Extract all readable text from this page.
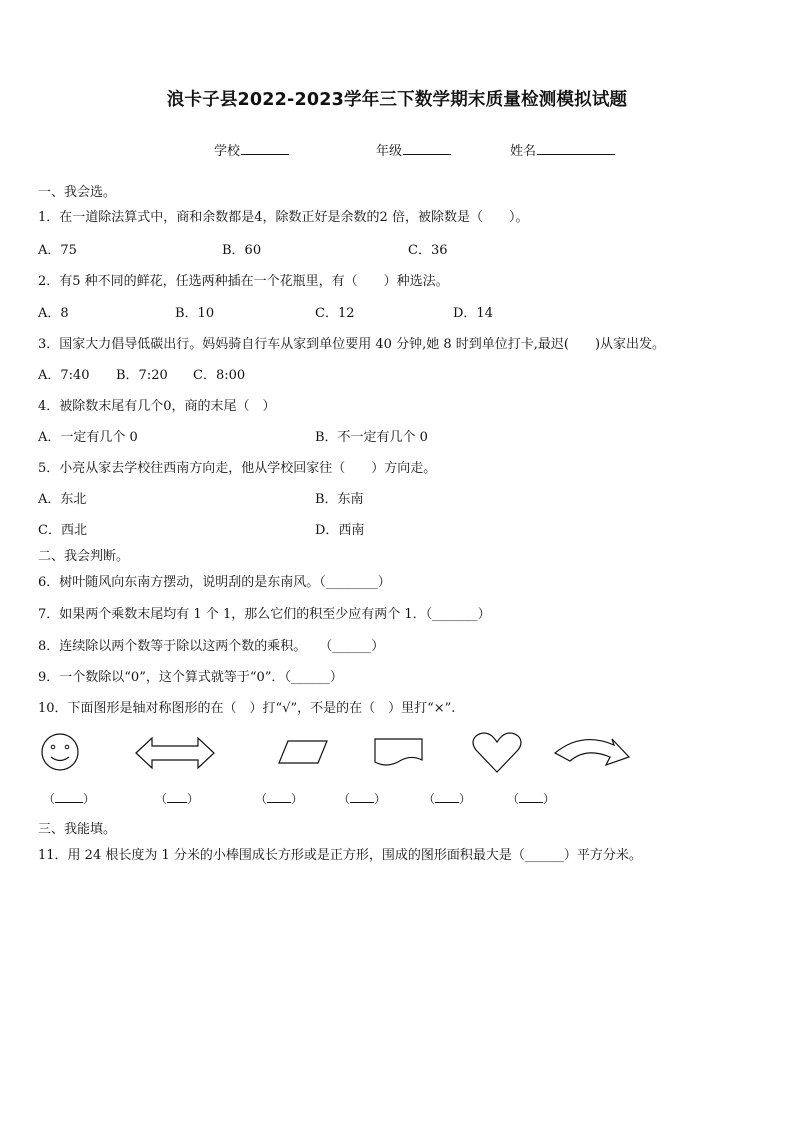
浪卡子县2022-2023学年三下数学期末质量检测模拟试题
学校	年级	姓名
一、我会选。
1．在一道除法算式中，商和余数都是4，除数正好是余数的2 倍，被除数是（　　）。
A．75	B．60	C．36
2．有5 种不同的鲜花，任选两种插在一个花瓶里，有（　　）种选法。
A．8	B．10	C．12	D．14
3．国家大力倡导低碳出行。妈妈骑自行车从家到单位要用 40 分钟,她 8 时到单位打卡,最迟(　　)从家出发。
A．7:40 B．7:20 C．8:00
4．被除数末尾有几个0，商的末尾（　）
A．一定有几个 0	B．不一定有几个 0
5．小亮从家去学校往西南方向走，他从学校回家往（　　）方向走。
A．东北	B．东南
C．西北	D．西南
二、我会判断。
6．树叶随风向东南方摆动，说明刮的是东南风。（________）
7．如果两个乘数末尾均有 1 个 1，那么它们的积至少应有两个 1．（_______）
8．连续除以两个数等于除以这两个数的乘积。　　（______）
9．一个数除以“0”，这个算式就等于“0”．（______）
10．下面图形是轴对称图形的在（　）打“√”，不是的在（　）里打“×”.
（ ）	（ ）	（ ）	（ ）	（ ）	（ ）
三、我能填。
11．用 24 根长度为 1 分米的小棒围成长方形或是正方形，围成的图形面积最大是（______）平方分米。
